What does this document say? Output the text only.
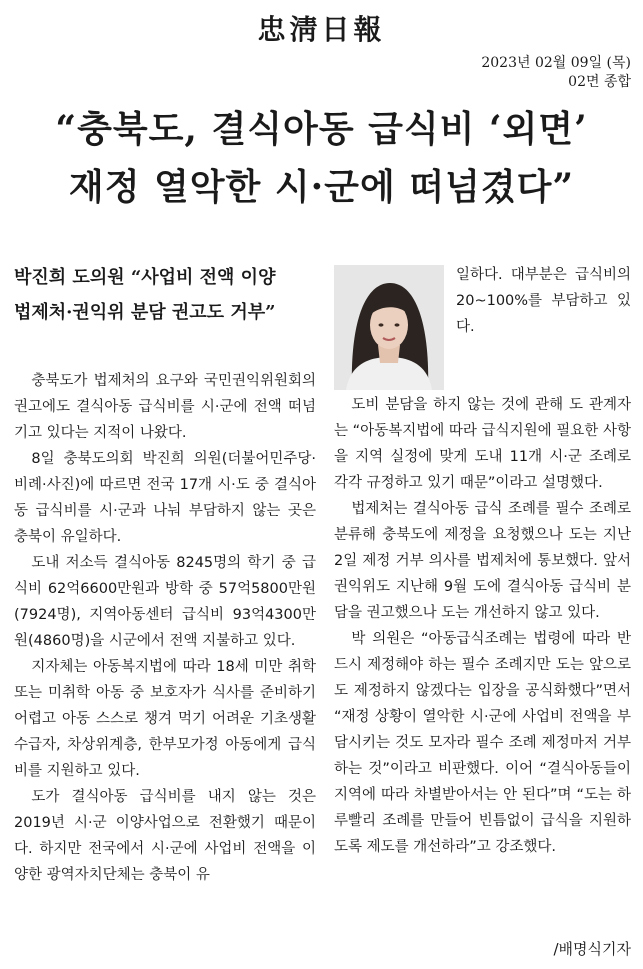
忠淸日報
2023년 02월 09일 (목)
02면 종합
“충북도, 결식아동 급식비 ‘외면’
재정 열악한 시·군에 떠넘겼다”
박진희 도의원 “사업비 전액 이양
법제처·권익위 분담 권고도 거부”

충북도가 법제처의 요구와 국민권익위원회의 권고에도 결식아동 급식비를 시·군에 전액 떠넘기고 있다는 지적이 나왔다.

8일 충북도의회 박진희 의원(더불어민주당·비례·사진)에 따르면 전국 17개 시·도 중 결식아동 급식비를 시·군과 나눠 부담하지 않는 곳은 충북이 유일하다.

도내 저소득 결식아동 8245명의 학기 중 급식비 62억6600만원과 방학 중 57억5800만원(7924명), 지역아동센터 급식비 93억4300만원(4860명)을 시군에서 전액 지불하고 있다.

지자체는 아동복지법에 따라 18세 미만 취학 또는 미취학 아동 중 보호자가 식사를 준비하기 어렵고 아동 스스로 챙겨 먹기 어려운 기초생활수급자, 차상위계층, 한부모가정 아동에게 급식비를 지원하고 있다.

도가 결식아동 급식비를 내지 않는 것은 2019년 시·군 이양사업으로 전환했기 때문이다. 하지만 전국에서 시·군에 사업비 전액을 이양한 광역자치단체는 충북이 유

일하다. 대부분은 급식비의 20~100%를 부담하고 있다.

도비 분담을 하지 않는 것에 관해 도 관계자는 “아동복지법에 따라 급식지원에 필요한 사항을 지역 실정에 맞게 도내 11개 시·군 조례로 각각 규정하고 있기 때문”이라고 설명했다.

법제처는 결식아동 급식 조례를 필수 조례로 분류해 충북도에 제정을 요청했으나 도는 지난 2일 제정 거부 의사를 법제처에 통보했다. 앞서 권익위도 지난해 9월 도에 결식아동 급식비 분담을 권고했으나 도는 개선하지 않고 있다.

박 의원은 “아동급식조례는 법령에 따라 반드시 제정해야 하는 필수 조례지만 도는 앞으로도 제정하지 않겠다는 입장을 공식화했다”면서 “재정 상황이 열악한 시·군에 사업비 전액을 부담시키는 것도 모자라 필수 조례 제정마저 거부하는 것”이라고 비판했다. 이어 “결식아동들이 지역에 따라 차별받아서는 안 된다”며 “도는 하루빨리 조례를 만들어 빈틈없이 급식을 지원하도록 제도를 개선하라”고 강조했다.

/배명식기자
